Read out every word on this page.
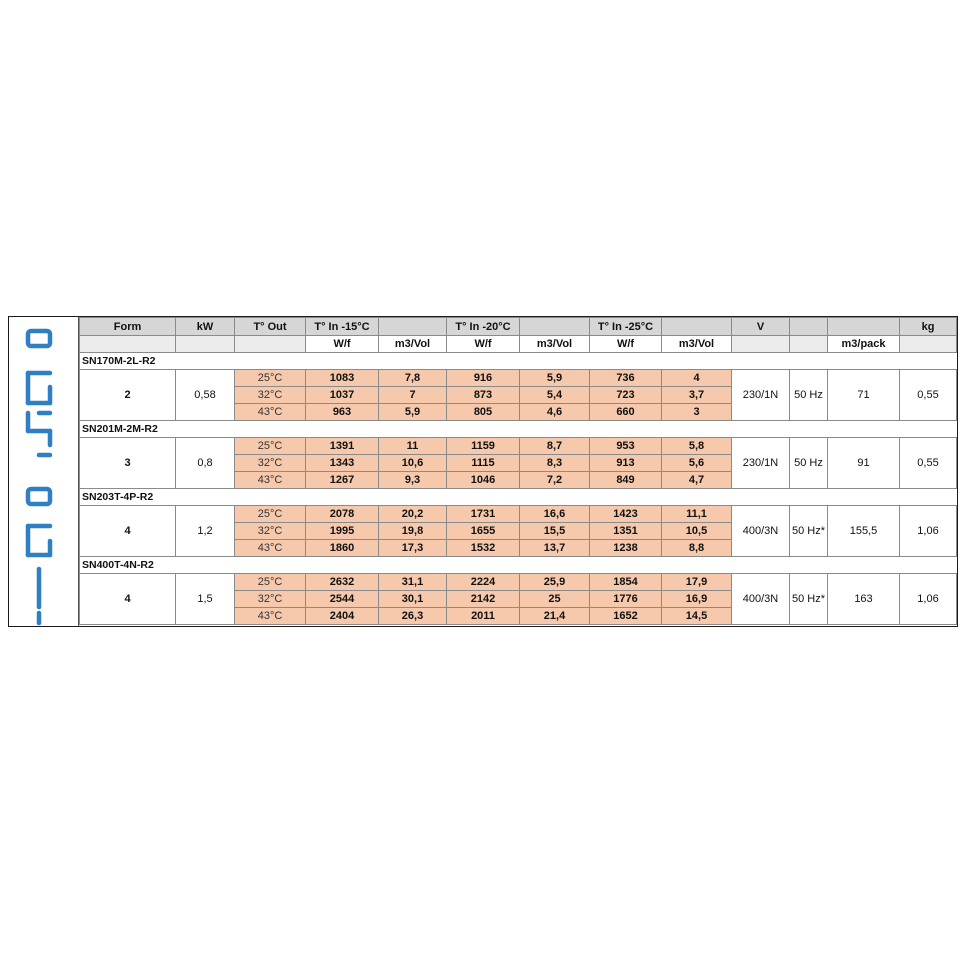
Form	kW	T° Out	T° In -15°C		T° In -20°C		T° In -25°C		V			kg
			W/f	m3/Vol	W/f	m3/Vol	W/f	m3/Vol			m3/pack	
SN170M-2L-R2												
2	0,58	25°C	1083	7,8	916	5,9	736	4	230/1N	50 Hz	71	0,55
		32°C	1037	7	873	5,4	723	3,7				
		43°C	963	5,9	805	4,6	660	3				
SN201M-2M-R2												
3	0,8	25°C	1391	11	1159	8,7	953	5,8	230/1N	50 Hz	91	0,55
		32°C	1343	10,6	1115	8,3	913	5,6				
		43°C	1267	9,3	1046	7,2	849	4,7				
SN203T-4P-R2												
4	1,2	25°C	2078	20,2	1731	16,6	1423	11,1	400/3N	50 Hz*	155,5	1,06
		32°C	1995	19,8	1655	15,5	1351	10,5				
		43°C	1860	17,3	1532	13,7	1238	8,8				
SN400T-4N-R2												
4	1,5	25°C	2632	31,1	2224	25,9	1854	17,9	400/3N	50 Hz*	163	1,06
		32°C	2544	30,1	2142	25	1776	16,9				
		43°C	2404	26,3	2011	21,4	1652	14,5				
